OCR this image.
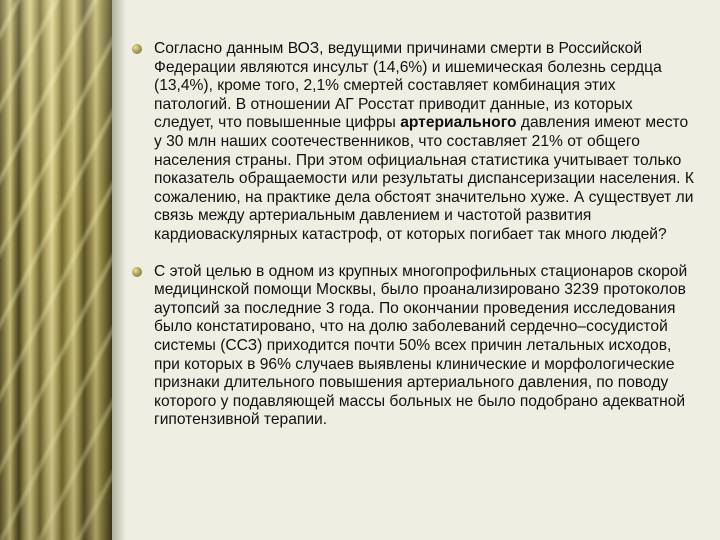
Согласно данным ВОЗ, ведущими причинами смерти в Российской Федерации являются инсульт (14,6%) и ишемическая болезнь сердца (13,4%), кроме того, 2,1% смертей составляет комбинация этих патологий. В отношении АГ Росстат приводит данные, из которых следует, что повышенные цифры артериального давления имеют место у 30 млн наших соотечественников, что составляет 21% от общего населения страны. При этом официальная статистика учитывает только показатель обращаемости или результаты диспансеризации населения. К сожалению, на практике дела обстоят значительно хуже. А существует ли связь между артериальным давлением и частотой развития кардиоваскулярных катастроф, от которых погибает так много людей?
С этой целью в одном из крупных многопрофильных стационаров скорой медицинской помощи Москвы, было проанализировано 3239 протоколов аутопсий за последние 3 года. По окончании проведения исследования было констатировано, что на долю заболеваний сердечно–сосудистой системы (ССЗ) приходится почти 50% всех причин летальных исходов, при которых в 96% случаев выявлены клинические и морфологические признаки длительного повышения артериального давления, по поводу которого у подавляющей массы больных не было подобрано адекватной гипотензивной терапии.
